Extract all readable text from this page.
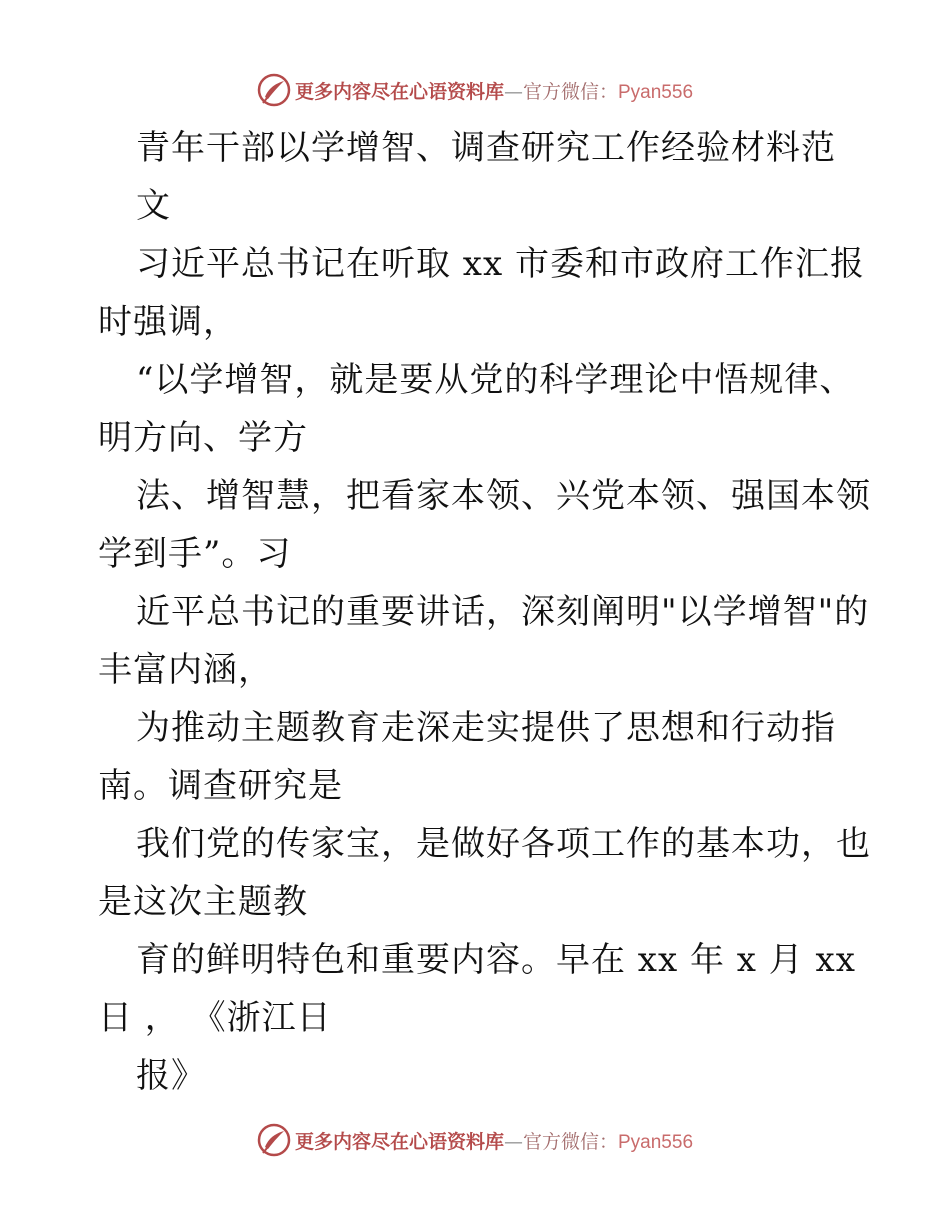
更多内容尽在心语资料库—官方微信：Pyan556
青年干部以学增智、调查研究工作经验材料范
文
习近平总书记在听取 xx 市委和市政府工作汇报
时强调，
“以学增智，就是要从党的科学理论中悟规律、
明方向、学方
法、增智慧，把看家本领、兴党本领、强国本领
学到手”。习
近平总书记的重要讲话，深刻阐明"以学增智"的
丰富内涵，
为推动主题教育走深走实提供了思想和行动指
南。调查研究是
我们党的传家宝，是做好各项工作的基本功，也
是这次主题教
育的鲜明特色和重要内容。早在 xx 年 x 月 xx
日 ， 《浙江日
报》
更多内容尽在心语资料库—官方微信：Pyan556
